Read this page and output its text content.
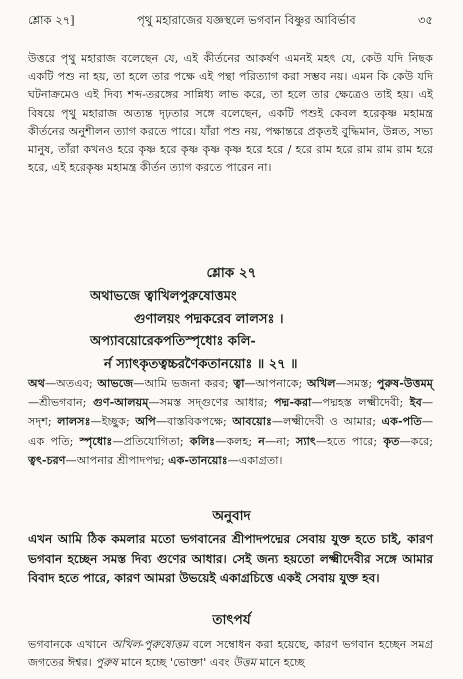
শ্লোক ২৭]	পৃথু মহারাজের যজ্ঞস্থলে ভগবান বিষ্ণুর আবির্ভাব	৩৫

উত্তরে পৃথু মহারাজ বলেছেন যে, এই কীর্তনের আকর্ষণ এমনই মহৎ যে, কেউ যদি নিছক একটি পশু না হয়, তা হলে তার পক্ষে এই পন্থা পরিত্যাগ করা সম্ভব নয়। এমন কি কেউ যদি ঘটনাক্রমেও এই দিব্য শব্দ-তরঙ্গের সান্নিধ্য লাভ করে, তা হলে তার ক্ষেত্রেও তাই হয়। এই বিষয়ে পৃথু মহারাজ অত্যন্ত দৃঢ়তার সঙ্গে বলেছেন, একটি পশুই কেবল হরেকৃষ্ণ মহামন্ত্র কীর্তনের অনুশীলন ত্যাগ করতে পারে। যাঁরা পশু নয়, পক্ষান্তরে প্রকৃতই বুদ্ধিমান, উন্নত, সভ্য মানুষ, তাঁরা কখনও হরে কৃষ্ণ হরে কৃষ্ণ কৃষ্ণ কৃষ্ণ হরে হরে / হরে রাম হরে রাম রাম রাম হরে হরে, এই হরেকৃষ্ণ মহামন্ত্র কীর্তন ত্যাগ করতে পারেন না।

শ্লোক ২৭
অথাভজে ত্বাখিলপুরুষোত্তমং
গুণালয়ং পদ্মকরেব লালসঃ ।
অপ্যাবয়োরেকপতিস্পৃধোঃ কলি-
র্ন স্যাৎকৃতত্বচ্চরণৈকতানয়োঃ ॥ ২৭ ॥

অথ—অতএব; আভজে—আমি ভজনা করব; ত্বা—আপনাকে; অখিল—সমস্ত; পুরুষ-উত্তমম্—শ্রীভগবান; গুণ-আলয়ম্—সমস্ত সদ্‌গুণের আধার; পদ্ম-করা—পদ্মহস্ত লক্ষ্মীদেবী; ইব—সদৃশ; লালসঃ—ইচ্ছুক; অপি—বাস্তবিকপক্ষে; আবয়োঃ—লক্ষ্মীদেবী ও আমার; এক-পতি—এক পতি; স্পৃধোঃ—প্রতিযোগিতা; কলিঃ—কলহ; ন—না; স্যাৎ—হতে পারে; কৃত—করে; ত্বৎ-চরণ—আপনার শ্রীপাদপদ্ম; এক-তানয়োঃ—একাগ্রতা।

অনুবাদ

এখন আমি ঠিক কমলার মতো ভগবানের শ্রীপাদপদ্মের সেবায় যুক্ত হতে চাই, কারণ ভগবান হচ্ছেন সমস্ত দিব্য গুণের আধার। সেই জন্য হয়তো লক্ষ্মীদেবীর সঙ্গে আমার বিবাদ হতে পারে, কারণ আমরা উভয়েই একাগ্রচিত্তে একই সেবায় যুক্ত হব।

তাৎপর্য

ভগবানকে এখানে অখিল-পুরুষোত্তম বলে সম্বোধন করা হয়েছে, কারণ ভগবান হচ্ছেন সমগ্র জগতের ঈশ্বর। পুরুষ মানে হচ্ছে 'ভোক্তা' এবং উত্তম মানে হচ্ছে
